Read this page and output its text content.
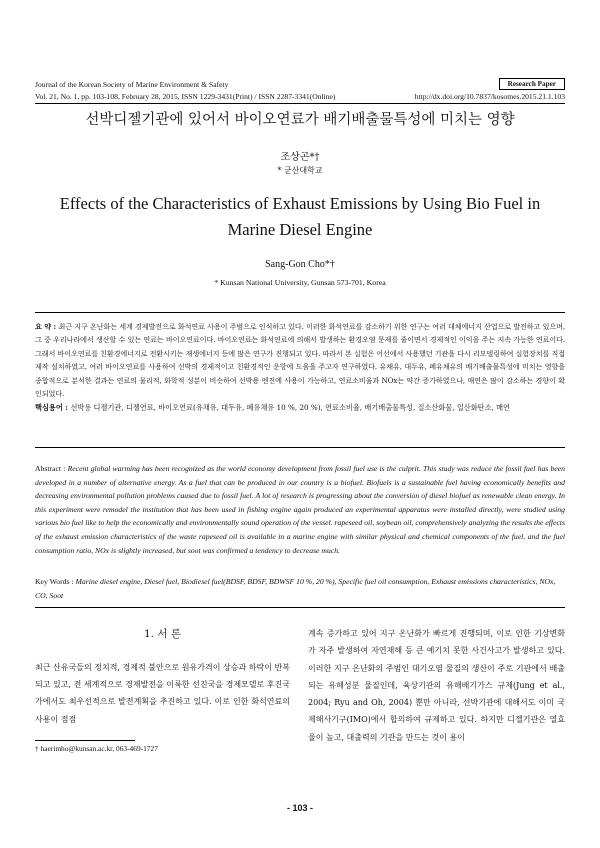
Journal of the Korean Society of Marine Environment & Safety	Research Paper
Vol. 21, No. 1, pp. 103-108, February 28, 2015, ISSN 1229-3431(Print) / ISSN 2287-3341(Online)	http://dx.doi.org/10.7837/kosomes.2015.21.1.103
선박디젤기관에 있어서 바이오연료가 배기배출물특성에 미치는 영향
조상곤*†
* 군산대학교
Effects of the Characteristics of Exhaust Emissions by Using Bio Fuel in Marine Diesel Engine
Sang-Gon Cho*†
* Kunsan National University, Gunsan 573-701, Korea
요 약 : 최근 지구 온난화는 세계 경제발전으로 화석연료 사용이 주범으로 인식하고 있다. 이러한 화석연료를 감소하기 위한 연구는 여러 대체에너지 산업으로 발전하고 있으며, 그 중 우리나라에서 생산할 수 있는 연료는 바이오연료이다. 바이오연료는 화석연료에 의해서 발생하는 환경오염 문제를 줄이면서 경제적인 이익을 주는 지속 가능한 연료이다. 그래서 바이오연료를 친환경에너지로 전환시키는 재생에너지 등에 많은 연구가 진행되고 있다. 따라서 본 실험은 어선에서 사용했던 기관을 다시 리모델링하여 실험장치를 직접 제작 설치하였고, 여러 바이오연료를 사용하여 선박의 경제적이고 친환경적인 운항에 도움을 주고자 연구하였다. 유채유, 대두유, 폐유채유의 배기배출물특성에 미치는 영향을 종합적으로 분석한 결과는 연료의 물리적, 화학적 성분이 비슷하여 선박용 엔진에 사용이 가능하고, 연료소비율과 NOx는 약간 증가하였으나, 매연은 많이 감소하는 경향이 확인되었다.
핵심용어 : 선박용 디젤기관, 디젤연료, 바이오연료(유채유, 대두유, 폐유채유 10 %, 20 %), 연료소비율, 배기배출물특성, 질소산화물, 일산화탄소, 매연
Abstract : Recent global warming has been recognized as the world economy development from fossil fuel use is the culprit. This study was reduce the fossil fuel has been developed in a number of alternative energy. As a fuel that can be produced in our country is a biofuel. Biofuels is a sustainable fuel having economically benefits and decreasing environmental pollution problems caused due to fossil fuel. A lot of research is progressing about the conversion of diesel biofuel as renewable clean energy. In this experiment were remodel the institution that has been used in fishing engine again produced an experimental apparatus were installed directly, were studied using various bio fuel like to help the economically and environmentally sound operation of the vessel. rapeseed oil, soybean oil, comprehensively analyzing the results the effects of the exhaust emission characteristics of the waste rapeseed oil is available in a marine engine with similar physical and chemical components of the fuel, and the fuel consumption ratio, NOx is slightly increased, but soot was confirmed a tendency to decrease much.
Key Words : Marine diesel engine, Diesel fuel, Biodiesel fuel(BDSF, BDSF, BDWSF 10 %, 20 %), Specific fuel oil consumption, Exhaust emissions characteristics, NOx, CO, Soot
1. 서 론
최근 산유국들의 정치적, 경제적 불안으로 원유가격이 상승과 하락이 반복되고 있고, 전 세계적으로 경제발전을 이룩한 선진국을 경제모델로 후진국가에서도 최우선적으로 발전계획을 추진하고 있다. 이로 인한 화석연료의 사용이 점점
계속 증가하고 있어 지구 온난화가 빠르게 진행되며, 이로 인한 기상변화가 자주 발생하여 자연재해 등 큰 예기치 못한 사건사고가 발생하고 있다. 이러한 지구 온난화의 주범인 대기오염 물질의 생산이 주로 기관에서 배출되는 유해성분 물질인데, 육상기관의 유해배기가스 규제(Jung et al., 2004; Ryu and Oh, 2004) 뿐만 아니라, 선박기관에 대해서도 이미 국제해사기구(IMO)에서 합의하여 규제하고 있다. 하지만 디젤기관은 열효율이 높고, 대출력의 기관을 만드는 것이 용이
† haerimho@kunsan.ac.kr, 063-469-1727
- 103 -
